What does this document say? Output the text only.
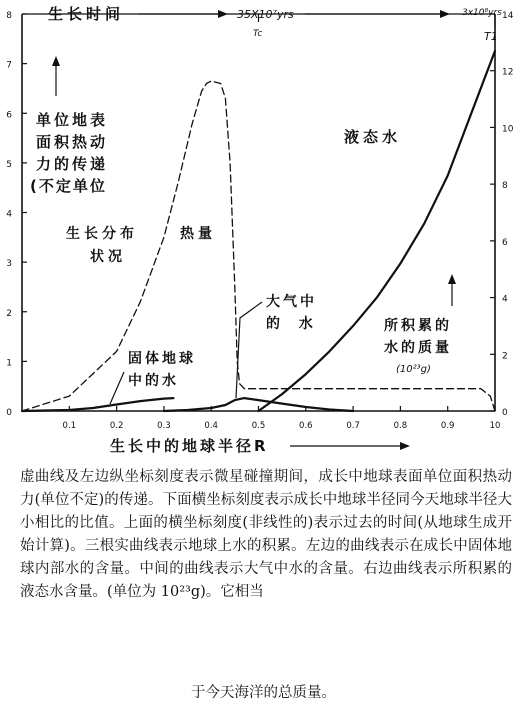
生长时间	35X10⁷yrs	3x10⁸yrs
Tc	T1
0
1
2
3
4
5
6
7
8
0
2
4
6
8
10
12
14
0.1	0.2	0.3	0.4	0.5	0.6	0.7	0.8	0.9	10
生长中的地球半径R
单位地表
面积热动
力的传递
(不定单位
生长分布	热量
状况
液态水
大气中
的  水
固体地球
中的水
所积累的
水的质量
(10²³g)
虚曲线及左边纵坐标刻度表示微星碰撞期间，成长中地球表面单位面积热动力(单位不定)的传递。下面横坐标刻度表示成长中地球半径同今天地球半径大小相比的比值。上面的横坐标刻度(非线性的)表示过去的时间(从地球生成开始计算)。三根实曲线表示地球上水的积累。左边的曲线表示在成长中固体地球内部水的含量。中间的曲线表示大气中水的含量。右边曲线表示所积累的液态水含量。(单位为 10²³g)。它相当
于今天海洋的总质量。
